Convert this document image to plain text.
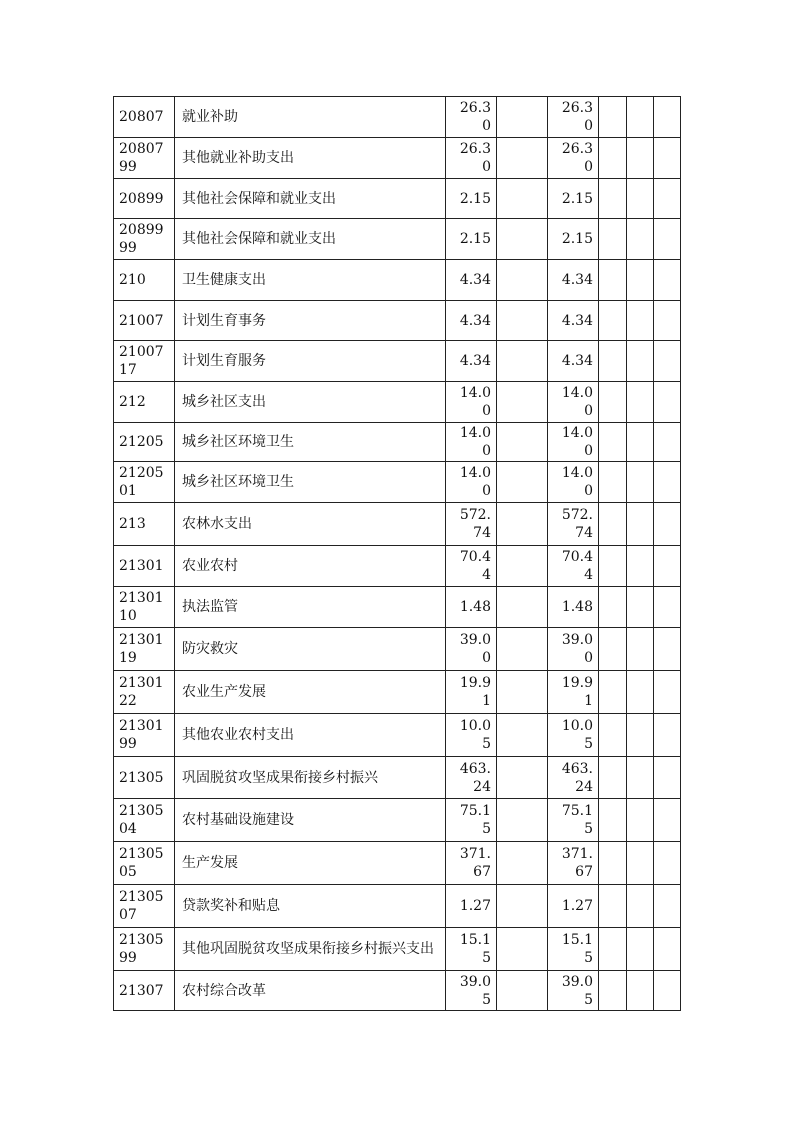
20807	就业补助	26.30		26.30			
2080799	其他就业补助支出	26.30		26.30			
20899	其他社会保障和就业支出	2.15		2.15			
2089999	其他社会保障和就业支出	2.15		2.15			
210	卫生健康支出	4.34		4.34			
21007	计划生育事务	4.34		4.34			
2100717	计划生育服务	4.34		4.34			
212	城乡社区支出	14.00		14.00			
21205	城乡社区环境卫生	14.00		14.00			
2120501	城乡社区环境卫生	14.00		14.00			
213	农林水支出	572.74		572.74			
21301	农业农村	70.44		70.44			
2130110	执法监管	1.48		1.48			
2130119	防灾救灾	39.00		39.00			
2130122	农业生产发展	19.91		19.91			
2130199	其他农业农村支出	10.05		10.05			
21305	巩固脱贫攻坚成果衔接乡村振兴	463.24		463.24			
2130504	农村基础设施建设	75.15		75.15			
2130505	生产发展	371.67		371.67			
2130507	贷款奖补和贴息	1.27		1.27			
2130599	其他巩固脱贫攻坚成果衔接乡村振兴支出	15.15		15.15			
21307	农村综合改革	39.05		39.05			
